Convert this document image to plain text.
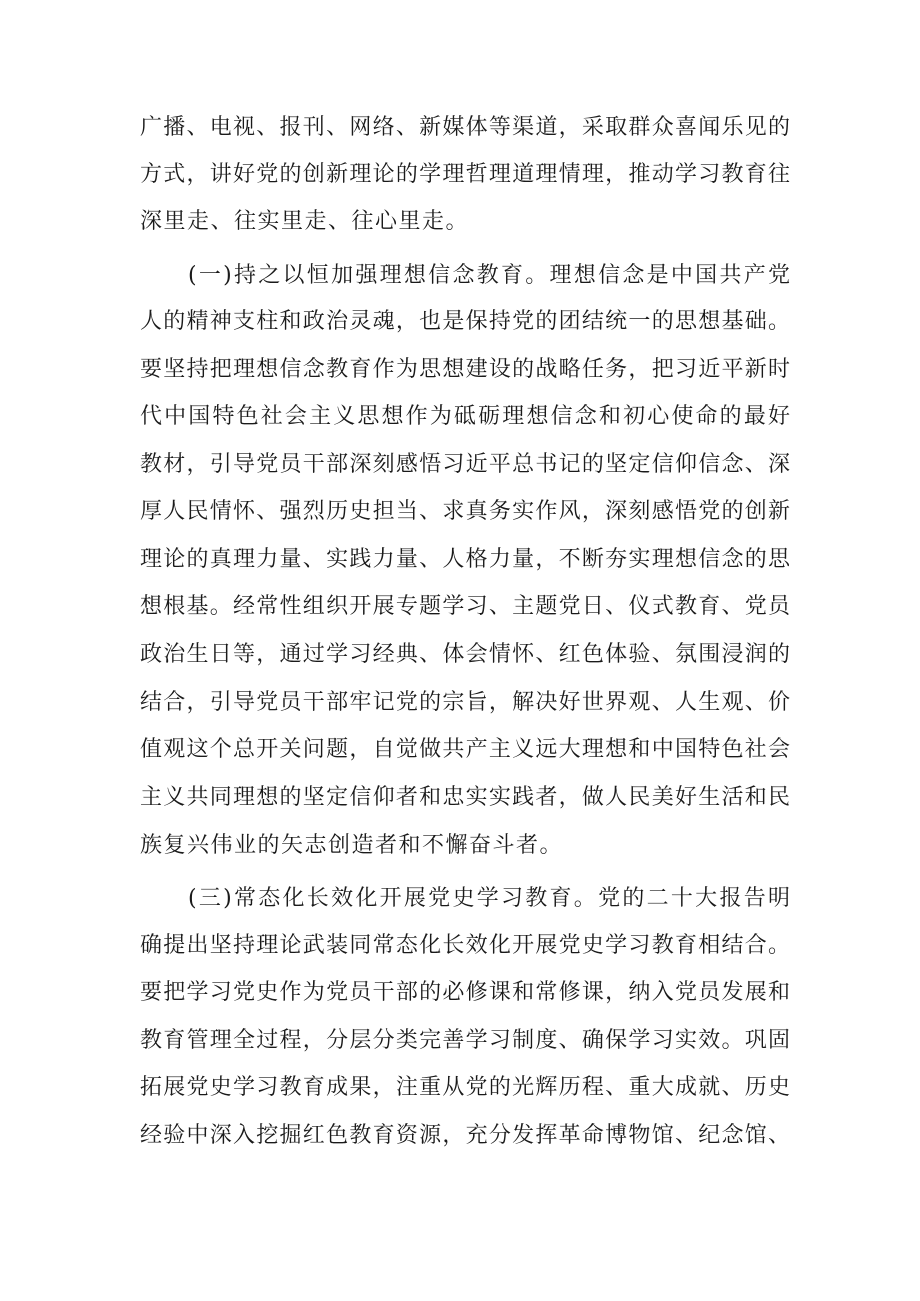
广播、电视、报刊、网络、新媒体等渠道，采取群众喜闻乐见的

方式，讲好党的创新理论的学理哲理道理情理，推动学习教育往

深里走、往实里走、往心里走。

(一)持之以恒加强理想信念教育。理想信念是中国共产党

人的精神支柱和政治灵魂，也是保持党的团结统一的思想基础。

要坚持把理想信念教育作为思想建设的战略任务，把习近平新时

代中国特色社会主义思想作为砥砺理想信念和初心使命的最好

教材，引导党员干部深刻感悟习近平总书记的坚定信仰信念、深

厚人民情怀、强烈历史担当、求真务实作风，深刻感悟党的创新

理论的真理力量、实践力量、人格力量，不断夯实理想信念的思

想根基。经常性组织开展专题学习、主题党日、仪式教育、党员

政治生日等，通过学习经典、体会情怀、红色体验、氛围浸润的

结合，引导党员干部牢记党的宗旨，解决好世界观、人生观、价

值观这个总开关问题，自觉做共产主义远大理想和中国特色社会

主义共同理想的坚定信仰者和忠实实践者，做人民美好生活和民

族复兴伟业的矢志创造者和不懈奋斗者。

(三)常态化长效化开展党史学习教育。党的二十大报告明

确提出坚持理论武装同常态化长效化开展党史学习教育相结合。

要把学习党史作为党员干部的必修课和常修课，纳入党员发展和

教育管理全过程，分层分类完善学习制度、确保学习实效。巩固

拓展党史学习教育成果，注重从党的光辉历程、重大成就、历史

经验中深入挖掘红色教育资源，充分发挥革命博物馆、纪念馆、
